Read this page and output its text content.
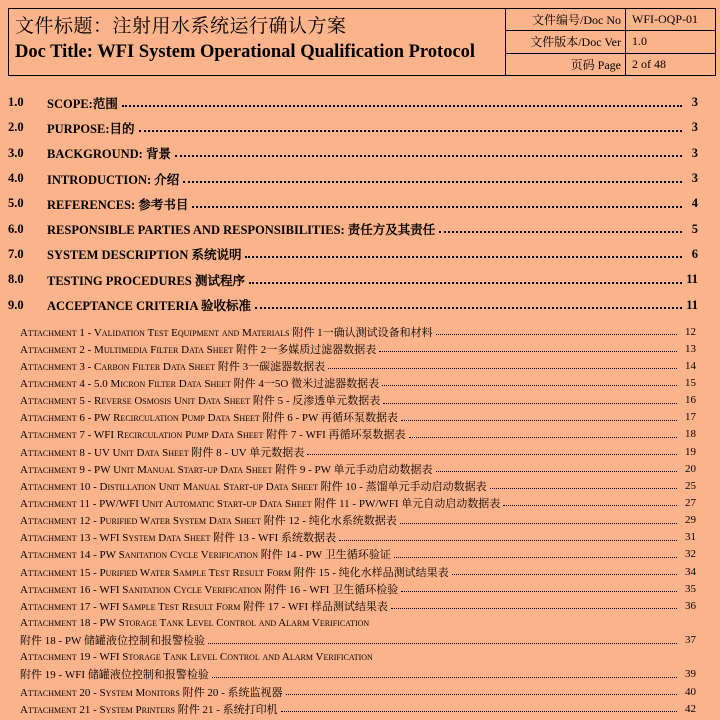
文件标题：注射用水系统运行确认方案
Doc Title: WFI System Operational Qualification Protocol
文件编号/Doc No WFI-OQP-01
文件版本/Doc Ver 1.0
页码 Page 2 of 48
1.0	SCOPE:范围	3
2.0	PURPOSE:目的	3
3.0	BACKGROUND: 背景	3
4.0	INTRODUCTION: 介绍	3
5.0	REFERENCES: 参考书目	4
6.0	RESPONSIBLE PARTIES AND RESPONSIBILITIES: 责任方及其责任	5
7.0	SYSTEM DESCRIPTION 系统说明	6
8.0	TESTING PROCEDURES 测试程序	11
9.0	ACCEPTANCE CRITERIA 验收标准	11
Attachment 1 - Validation Test Equipment and Materials 附件 1一确认测试设备和材料	12
Attachment 2 - Multimedia Filter Data Sheet 附件 2一多媒质过滤器数据表	13
Attachment 3 - Carbon Filter Data Sheet 附件 3一碳滤器数据表	14
Attachment 4 - 5.0 Micron Filter Data Sheet 附件 4一5O 微米过滤器数据表	15
Attachment 5 - Reverse Osmosis Unit Data Sheet 附件 5 - 反渗透单元数据表	16
Attachment 6 - PW Recirculation Pump Data Sheet 附件 6 - PW 再循环泵数据表	17
Attachment 7 - WFI Recirculation Pump Data Sheet 附件 7 - WFI 再循环泵数据表	18
Attachment 8 - UV Unit Data Sheet 附件 8 - UV 单元数据表	19
Attachment 9 - PW Unit Manual Start-up Data Sheet 附件 9 - PW 单元手动启动数据表	20
Attachment 10 - Distillation Unit Manual Start-up Data Sheet 附件 10 - 蒸馏单元手动启动数据表	25
Attachment 11 - PW/WFI Unit Automatic Start-up Data Sheet 附件 11 - PW/WFI 单元自动启动数据表	27
Attachment 12 - Purified Water System Data Sheet 附件 12 - 纯化水系统数据表	29
Attachment 13 - WFI System Data Sheet 附件 13 - WFI 系统数据表	31
Attachment 14 - PW Sanitation Cycle Verification 附件 14 - PW 卫生循环验证	32
Attachment 15 - Purified Water Sample Test Result Form 附件 15 - 纯化水样品测试结果表	34
Attachment 16 - WFI Sanitation Cycle Verification 附件 16 - WFI 卫生循环检验	35
Attachment 17 - WFI Sample Test Result Form 附件 17 - WFI 样品测试结果表	36
Attachment 18 - PW Storage Tank Level Control and Alarm Verification
附件 18 - PW 储罐液位控制和报警检验	37
Attachment 19 - WFI Storage Tank Level Control and Alarm Verification
附件 19 - WFI 储罐液位控制和报警检验	39
Attachment 20 - System Monitors 附件 20 - 系统监视器	40
Attachment 21 - System Printers 附件 21 - 系统打印机	42
